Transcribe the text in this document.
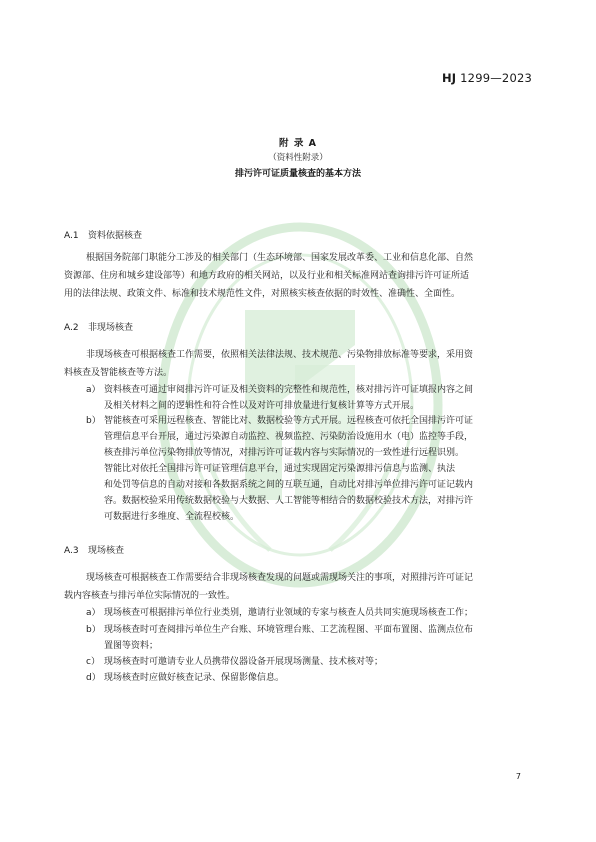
HJ 1299—2023
附 录 A
（资料性附录）
排污许可证质量核查的基本方法
A.1 资料依据核查
根据国务院部门职能分工涉及的相关部门（生态环境部、国家发展改革委、工业和信息化部、自然
资源部、住房和城乡建设部等）和地方政府的相关网站，以及行业和相关标准网站查询排污许可证所适
用的法律法规、政策文件、标准和技术规范性文件，对照核实核查依据的时效性、准确性、全面性。
A.2 非现场核查
非现场核查可根据核查工作需要，依照相关法律法规、技术规范、污染物排放标准等要求，采用资
料核查及智能核查等方法。
a） 资料核查可通过审阅排污许可证及相关资料的完整性和规范性，核对排污许可证填报内容之间
及相关材料之间的逻辑性和符合性以及对许可排放量进行复核计算等方式开展。
b） 智能核查可采用远程核查、智能比对、数据校验等方式开展。远程核查可依托全国排污许可证
管理信息平台开展，通过污染源自动监控、视频监控、污染防治设施用水（电）监控等手段，
核查排污单位污染物排放等情况，对排污许可证载内容与实际情况的一致性进行远程识别。
智能比对依托全国排污许可证管理信息平台，通过实现固定污染源排污信息与监测、执法
和处罚等信息的自动对接和各数据系统之间的互联互通，自动比对排污单位排污许可证记载内
容。数据校验采用传统数据校验与大数据、人工智能等相结合的数据校验技术方法，对排污许
可数据进行多维度、全流程校核。
A.3 现场核查
现场核查可根据核查工作需要结合非现场核查发现的问题或需现场关注的事项，对照排污许可证记
载内容核查与排污单位实际情况的一致性。
a） 现场核查可根据排污单位行业类别，邀请行业领域的专家与核查人员共同实施现场核查工作；
b） 现场核查时可查阅排污单位生产台账、环境管理台账、工艺流程图、平面布置图、监测点位布
置图等资料；
c） 现场核查时可邀请专业人员携带仪器设备开展现场测量、技术核对等；
d） 现场核查时应做好核查记录、保留影像信息。
7
